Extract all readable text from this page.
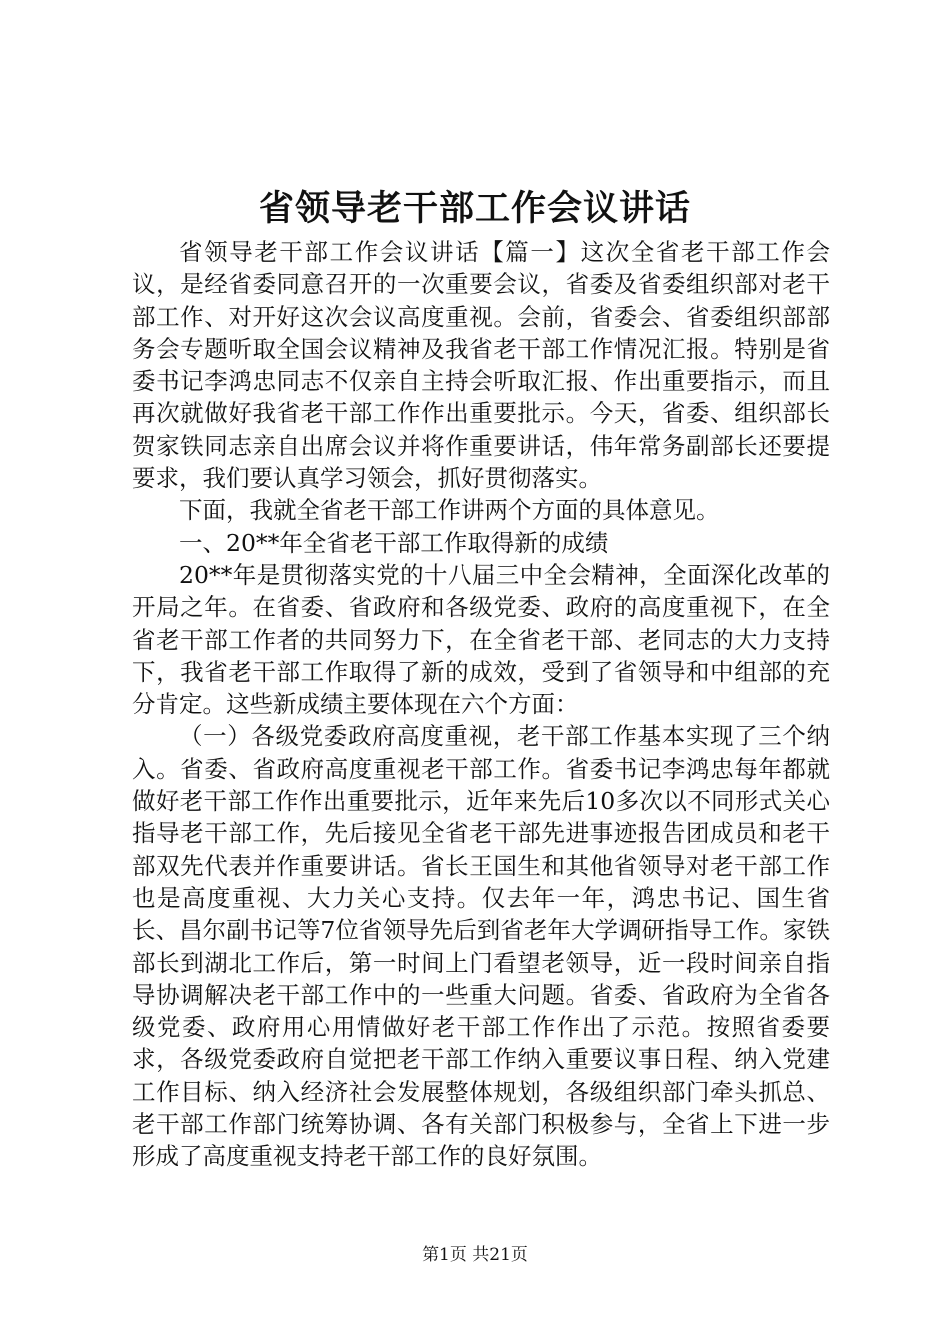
省领导老干部工作会议讲话

省领导老干部工作会议讲话【篇一】这次全省老干部工作会议，是经省委同意召开的一次重要会议，省委及省委组织部对老干部工作、对开好这次会议高度重视。会前，省委会、省委组织部部务会专题听取全国会议精神及我省老干部工作情况汇报。特别是省委书记李鸿忠同志不仅亲自主持会听取汇报、作出重要指示，而且再次就做好我省老干部工作作出重要批示。今天，省委、组织部长贺家铁同志亲自出席会议并将作重要讲话，伟年常务副部长还要提要求，我们要认真学习领会，抓好贯彻落实。

下面，我就全省老干部工作讲两个方面的具体意见。

一、20**年全省老干部工作取得新的成绩

20**年是贯彻落实党的十八届三中全会精神，全面深化改革的开局之年。在省委、省政府和各级党委、政府的高度重视下，在全省老干部工作者的共同努力下，在全省老干部、老同志的大力支持下，我省老干部工作取得了新的成效，受到了省领导和中组部的充分肯定。这些新成绩主要体现在六个方面：

（一）各级党委政府高度重视，老干部工作基本实现了三个纳入。省委、省政府高度重视老干部工作。省委书记李鸿忠每年都就做好老干部工作作出重要批示，近年来先后10多次以不同形式关心指导老干部工作，先后接见全省老干部先进事迹报告团成员和老干部双先代表并作重要讲话。省长王国生和其他省领导对老干部工作也是高度重视、大力关心支持。仅去年一年，鸿忠书记、国生省长、昌尔副书记等7位省领导先后到省老年大学调研指导工作。家铁部长到湖北工作后，第一时间上门看望老领导，近一段时间亲自指导协调解决老干部工作中的一些重大问题。省委、省政府为全省各级党委、政府用心用情做好老干部工作作出了示范。按照省委要求，各级党委政府自觉把老干部工作纳入重要议事日程、纳入党建工作目标、纳入经济社会发展整体规划，各级组织部门牵头抓总、老干部工作部门统筹协调、各有关部门积极参与，全省上下进一步形成了高度重视支持老干部工作的良好氛围。

第1页 共21页
